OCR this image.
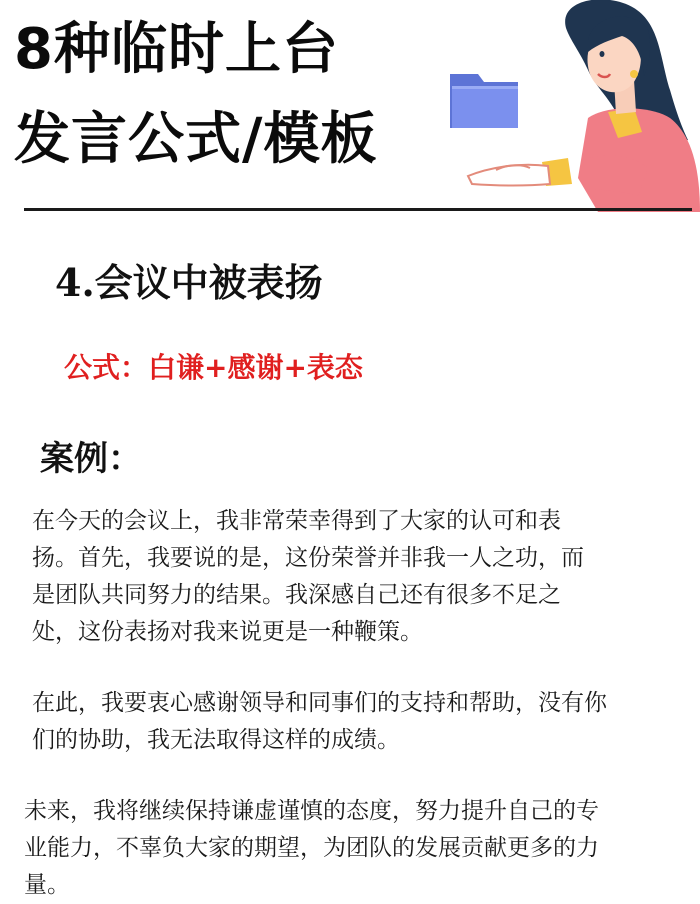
8种临时上台
发言公式/模板
4.会议中被表扬
公式：白谦+感谢+表态
案例：
在今天的会议上，我非常荣幸得到了大家的认可和表
扬。首先，我要说的是，这份荣誉并非我一人之功，而
是团队共同努力的结果。我深感自己还有很多不足之
处，这份表扬对我来说更是一种鞭策。
在此，我要衷心感谢领导和同事们的支持和帮助，没有你
们的协助，我无法取得这样的成绩。
未来，我将继续保持谦虚谨慎的态度，努力提升自己的专
业能力，不辜负大家的期望，为团队的发展贡献更多的力
量。
